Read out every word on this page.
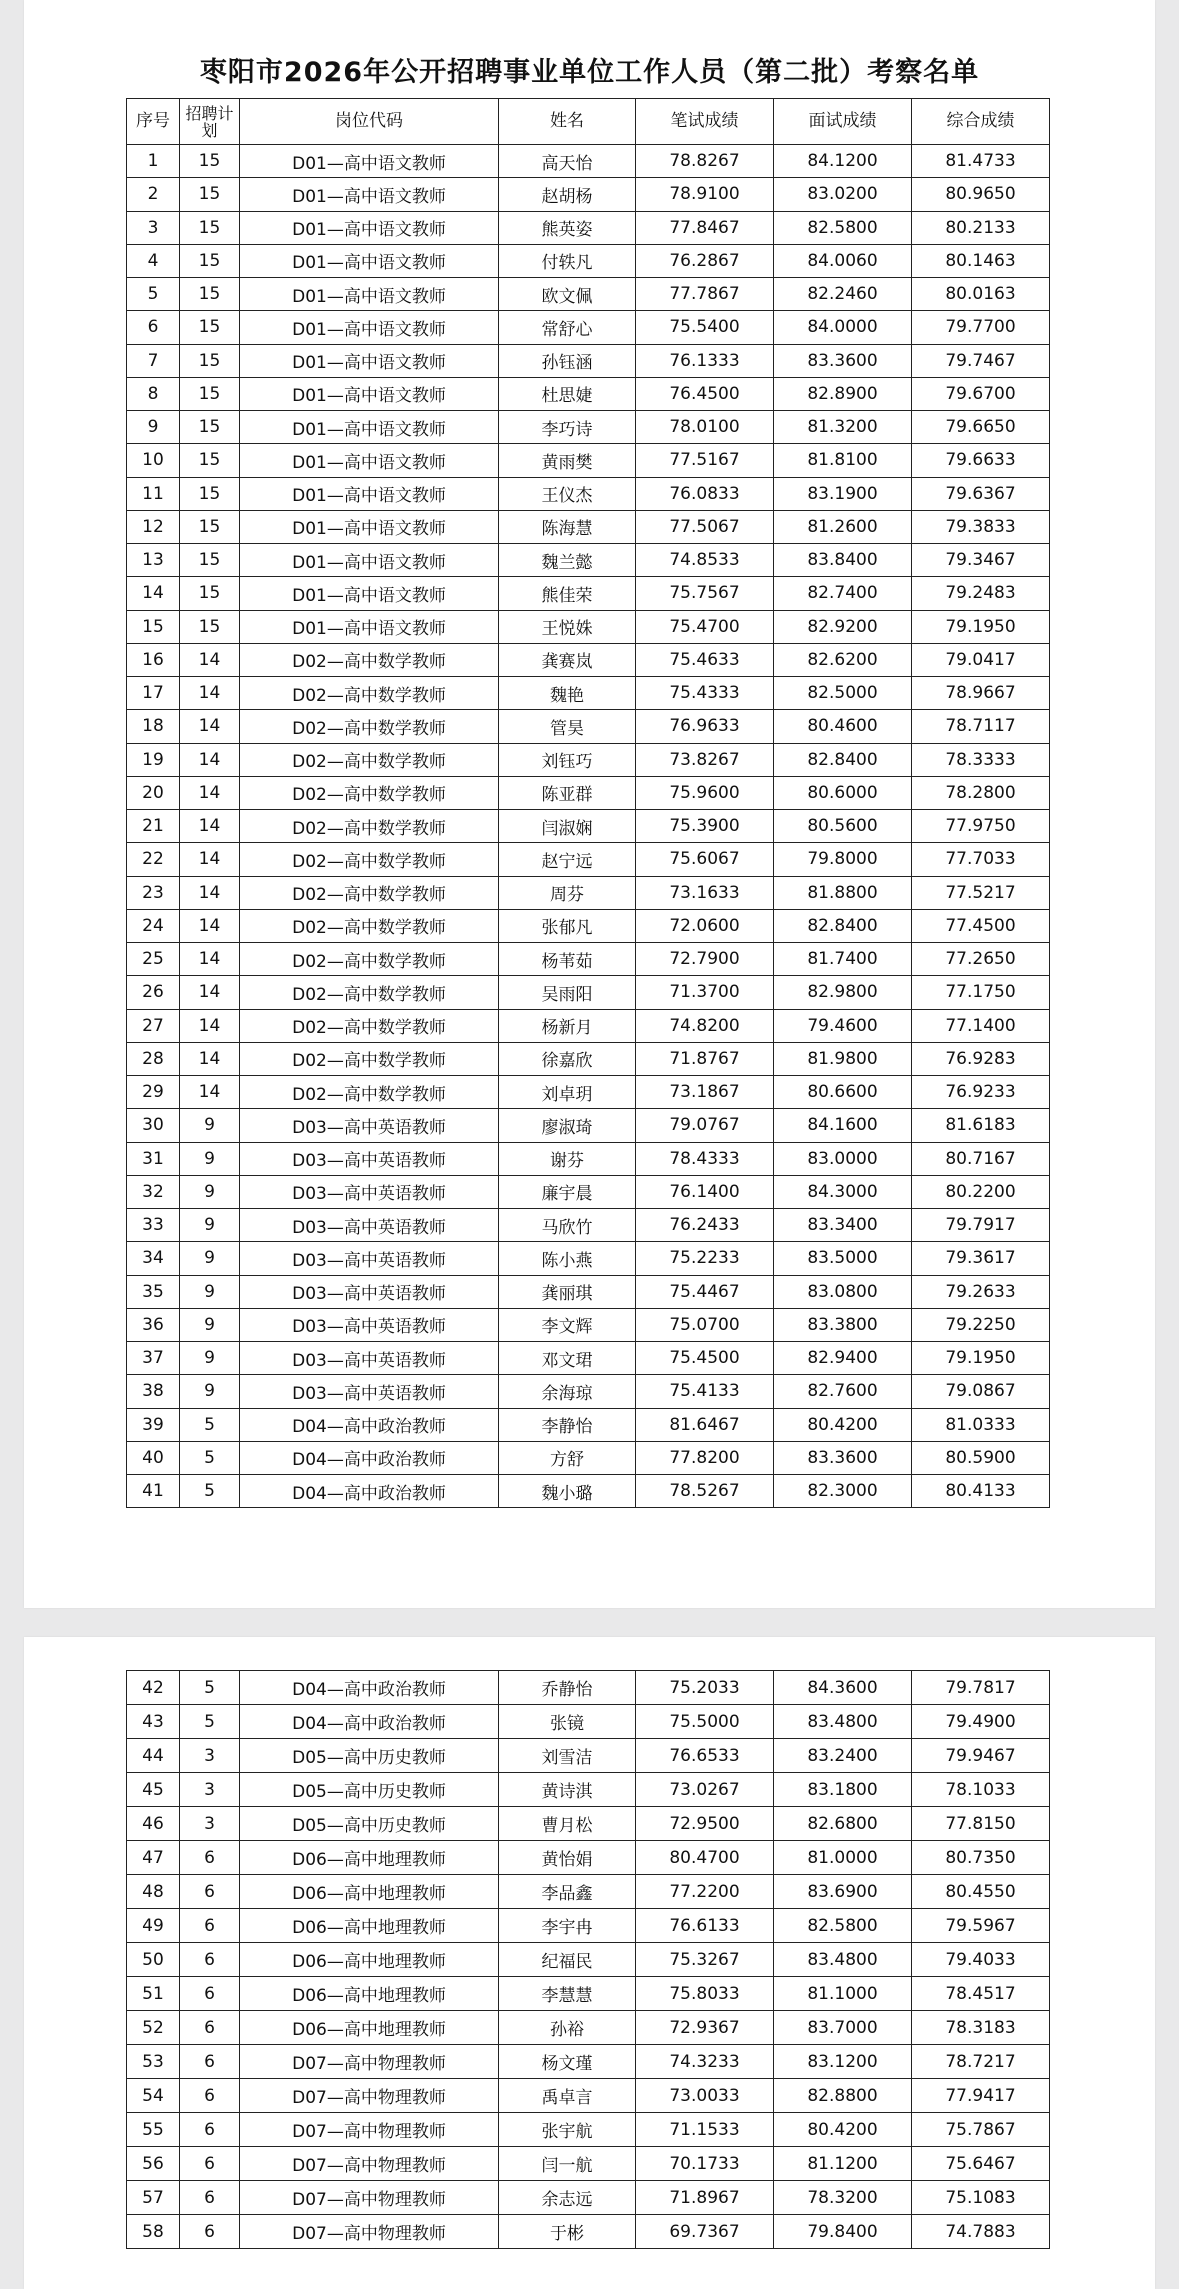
枣阳市2026年公开招聘事业单位工作人员（第二批）考察名单
序号	招聘计划	岗位代码	姓名	笔试成绩	面试成绩	综合成绩
1	15	D01—高中语文教师	高天怡	78.8267	84.1200	81.4733
2	15	D01—高中语文教师	赵胡杨	78.9100	83.0200	80.9650
3	15	D01—高中语文教师	熊英姿	77.8467	82.5800	80.2133
4	15	D01—高中语文教师	付轶凡	76.2867	84.0060	80.1463
5	15	D01—高中语文教师	欧文佩	77.7867	82.2460	80.0163
6	15	D01—高中语文教师	常舒心	75.5400	84.0000	79.7700
7	15	D01—高中语文教师	孙钰涵	76.1333	83.3600	79.7467
8	15	D01—高中语文教师	杜思婕	76.4500	82.8900	79.6700
9	15	D01—高中语文教师	李巧诗	78.0100	81.3200	79.6650
10	15	D01—高中语文教师	黄雨樊	77.5167	81.8100	79.6633
11	15	D01—高中语文教师	王仪杰	76.0833	83.1900	79.6367
12	15	D01—高中语文教师	陈海慧	77.5067	81.2600	79.3833
13	15	D01—高中语文教师	魏兰懿	74.8533	83.8400	79.3467
14	15	D01—高中语文教师	熊佳荣	75.7567	82.7400	79.2483
15	15	D01—高中语文教师	王悦姝	75.4700	82.9200	79.1950
16	14	D02—高中数学教师	龚赛岚	75.4633	82.6200	79.0417
17	14	D02—高中数学教师	魏艳	75.4333	82.5000	78.9667
18	14	D02—高中数学教师	管昊	76.9633	80.4600	78.7117
19	14	D02—高中数学教师	刘钰巧	73.8267	82.8400	78.3333
20	14	D02—高中数学教师	陈亚群	75.9600	80.6000	78.2800
21	14	D02—高中数学教师	闫淑娴	75.3900	80.5600	77.9750
22	14	D02—高中数学教师	赵宁远	75.6067	79.8000	77.7033
23	14	D02—高中数学教师	周芬	73.1633	81.8800	77.5217
24	14	D02—高中数学教师	张郁凡	72.0600	82.8400	77.4500
25	14	D02—高中数学教师	杨苇茹	72.7900	81.7400	77.2650
26	14	D02—高中数学教师	吴雨阳	71.3700	82.9800	77.1750
27	14	D02—高中数学教师	杨新月	74.8200	79.4600	77.1400
28	14	D02—高中数学教师	徐嘉欣	71.8767	81.9800	76.9283
29	14	D02—高中数学教师	刘卓玥	73.1867	80.6600	76.9233
30	9	D03—高中英语教师	廖淑琦	79.0767	84.1600	81.6183
31	9	D03—高中英语教师	谢芬	78.4333	83.0000	80.7167
32	9	D03—高中英语教师	廉宇晨	76.1400	84.3000	80.2200
33	9	D03—高中英语教师	马欣竹	76.2433	83.3400	79.7917
34	9	D03—高中英语教师	陈小燕	75.2233	83.5000	79.3617
35	9	D03—高中英语教师	龚丽琪	75.4467	83.0800	79.2633
36	9	D03—高中英语教师	李文辉	75.0700	83.3800	79.2250
37	9	D03—高中英语教师	邓文珺	75.4500	82.9400	79.1950
38	9	D03—高中英语教师	余海琼	75.4133	82.7600	79.0867
39	5	D04—高中政治教师	李静怡	81.6467	80.4200	81.0333
40	5	D04—高中政治教师	方舒	77.8200	83.3600	80.5900
41	5	D04—高中政治教师	魏小璐	78.5267	82.3000	80.4133
42	5	D04—高中政治教师	乔静怡	75.2033	84.3600	79.7817
43	5	D04—高中政治教师	张镜	75.5000	83.4800	79.4900
44	3	D05—高中历史教师	刘雪洁	76.6533	83.2400	79.9467
45	3	D05—高中历史教师	黄诗淇	73.0267	83.1800	78.1033
46	3	D05—高中历史教师	曹月松	72.9500	82.6800	77.8150
47	6	D06—高中地理教师	黄怡娟	80.4700	81.0000	80.7350
48	6	D06—高中地理教师	李品鑫	77.2200	83.6900	80.4550
49	6	D06—高中地理教师	李宇冉	76.6133	82.5800	79.5967
50	6	D06—高中地理教师	纪福民	75.3267	83.4800	79.4033
51	6	D06—高中地理教师	李慧慧	75.8033	81.1000	78.4517
52	6	D06—高中地理教师	孙裕	72.9367	83.7000	78.3183
53	6	D07—高中物理教师	杨文瑾	74.3233	83.1200	78.7217
54	6	D07—高中物理教师	禹卓言	73.0033	82.8800	77.9417
55	6	D07—高中物理教师	张宇航	71.1533	80.4200	75.7867
56	6	D07—高中物理教师	闫一航	70.1733	81.1200	75.6467
57	6	D07—高中物理教师	余志远	71.8967	78.3200	75.1083
58	6	D07—高中物理教师	于彬	69.7367	79.8400	74.7883
